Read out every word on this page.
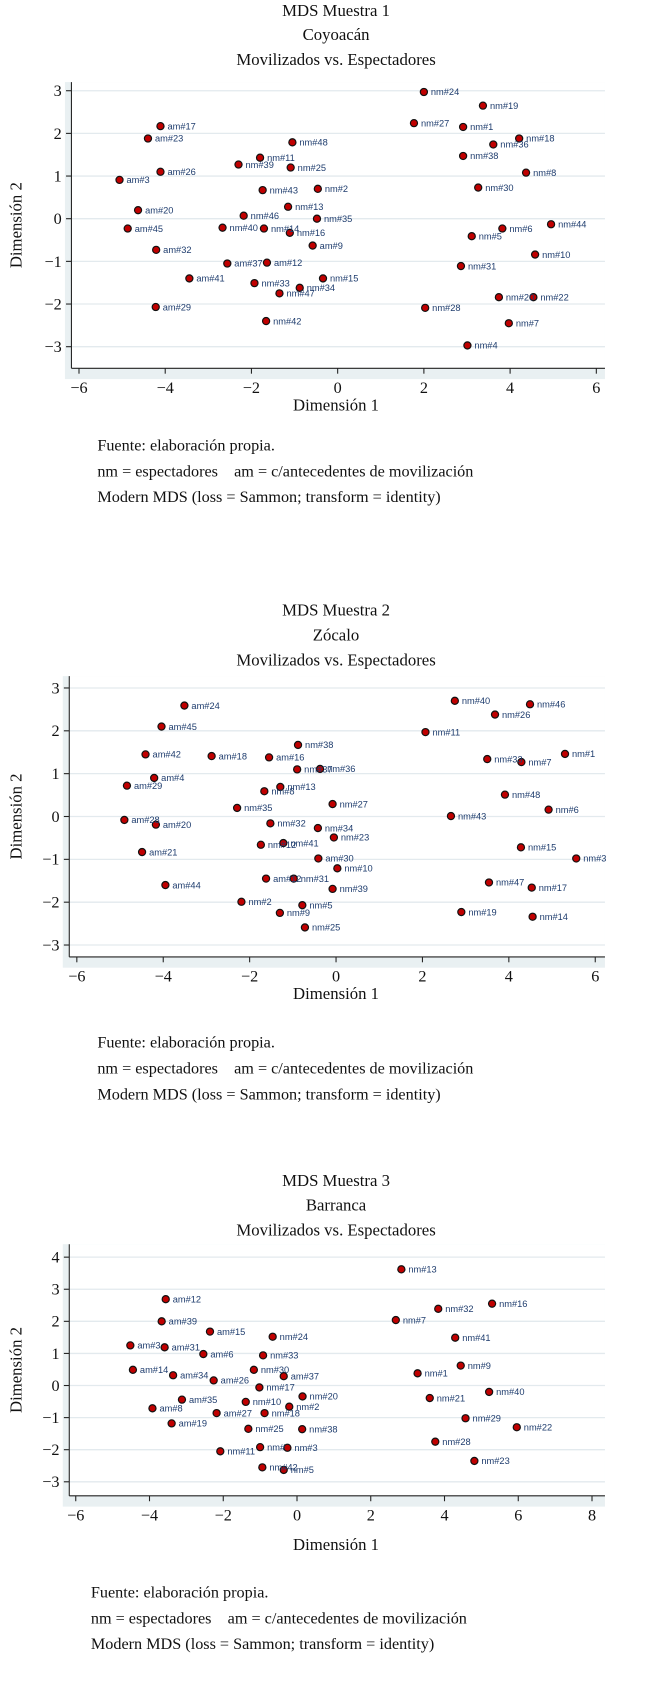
MDS Muestra 1
Coyoacán
Movilizados vs. Espectadores
−3
−2
−1
0
1
2
3
−6	−4	−2	0	2	4	6
Dimensión 1
Dimensión 2
am#17
am#23	nm#48
nm#11
nm#39	nm#25
am#26
am#3
nm#43	nm#2
am#20	nm#13
nm#46	nm#35
am#45	nm#40 nm#14
nm#16
am#9
am#32
am#37 am#12
am#41	nm#15
nm#33 nm#34
nm#47
am#29
nm#42
nm#24
nm#19
nm#27 nm#1
nm#18
nm#36
nm#38
nm#8
nm#30
nm#44
nm#6
nm#5
nm#10
nm#31
nm#20 nm#22
nm#28
nm#7
nm#4
Fuente: elaboración propia.
nm = espectadores    am = c/antecedentes de movilización
Modern MDS (loss = Sammon; transform = identity)
MDS Muestra 2
Zócalo
Movilizados vs. Espectadores
−3
−2
−1
0
1
2
3
−6	−4	−2	0	2	4	6
Dimensión 1
Dimensión 2
am#24
am#45
am#42	am#18	am#16
nm#38
nm#37
nm#36
am#4
am#29
nm#8
nm#13
nm#35	nm#27
am#28 am#20	nm#32 nm#34
nm#23
nm#12
nm#41
am#21
am#30
nm#10
am#44
am#12 nm#31
nm#39
nm#2	nm#5
nm#9
nm#25
nm#40	nm#46
nm#26
nm#11
nm#1
nm#33 nm#7
nm#48
nm#6
nm#43
nm#15
nm#3
nm#47
nm#17
nm#19	nm#14
Fuente: elaboración propia.
nm = espectadores    am = c/antecedentes de movilización
Modern MDS (loss = Sammon; transform = identity)
MDS Muestra 3
Barranca
Movilizados vs. Espectadores
−3
−2
−1
0
1
2
3
4
−6	−4	−2	0	2	4	6	8
Dimensión 1
Dimensión 2
am#12
am#39
am#15
nm#24
am#3 am#31
am#6	nm#33
am#14
am#34
am#26
nm#30
am#37
nm#17
nm#20
am#35	nm#10
am#8	nm#2
am#27 nm#18
am#19
nm#25	nm#38
nm# nm#3
nm#11
nm#42
nm#5
nm#13
nm#32
nm#16
nm#7
nm#41
nm#9
nm#1
nm#21
nm#40
nm#29
nm#22
nm#28
nm#23
Fuente: elaboración propia.
nm = espectadores    am = c/antecedentes de movilización
Modern MDS (loss = Sammon; transform = identity)
